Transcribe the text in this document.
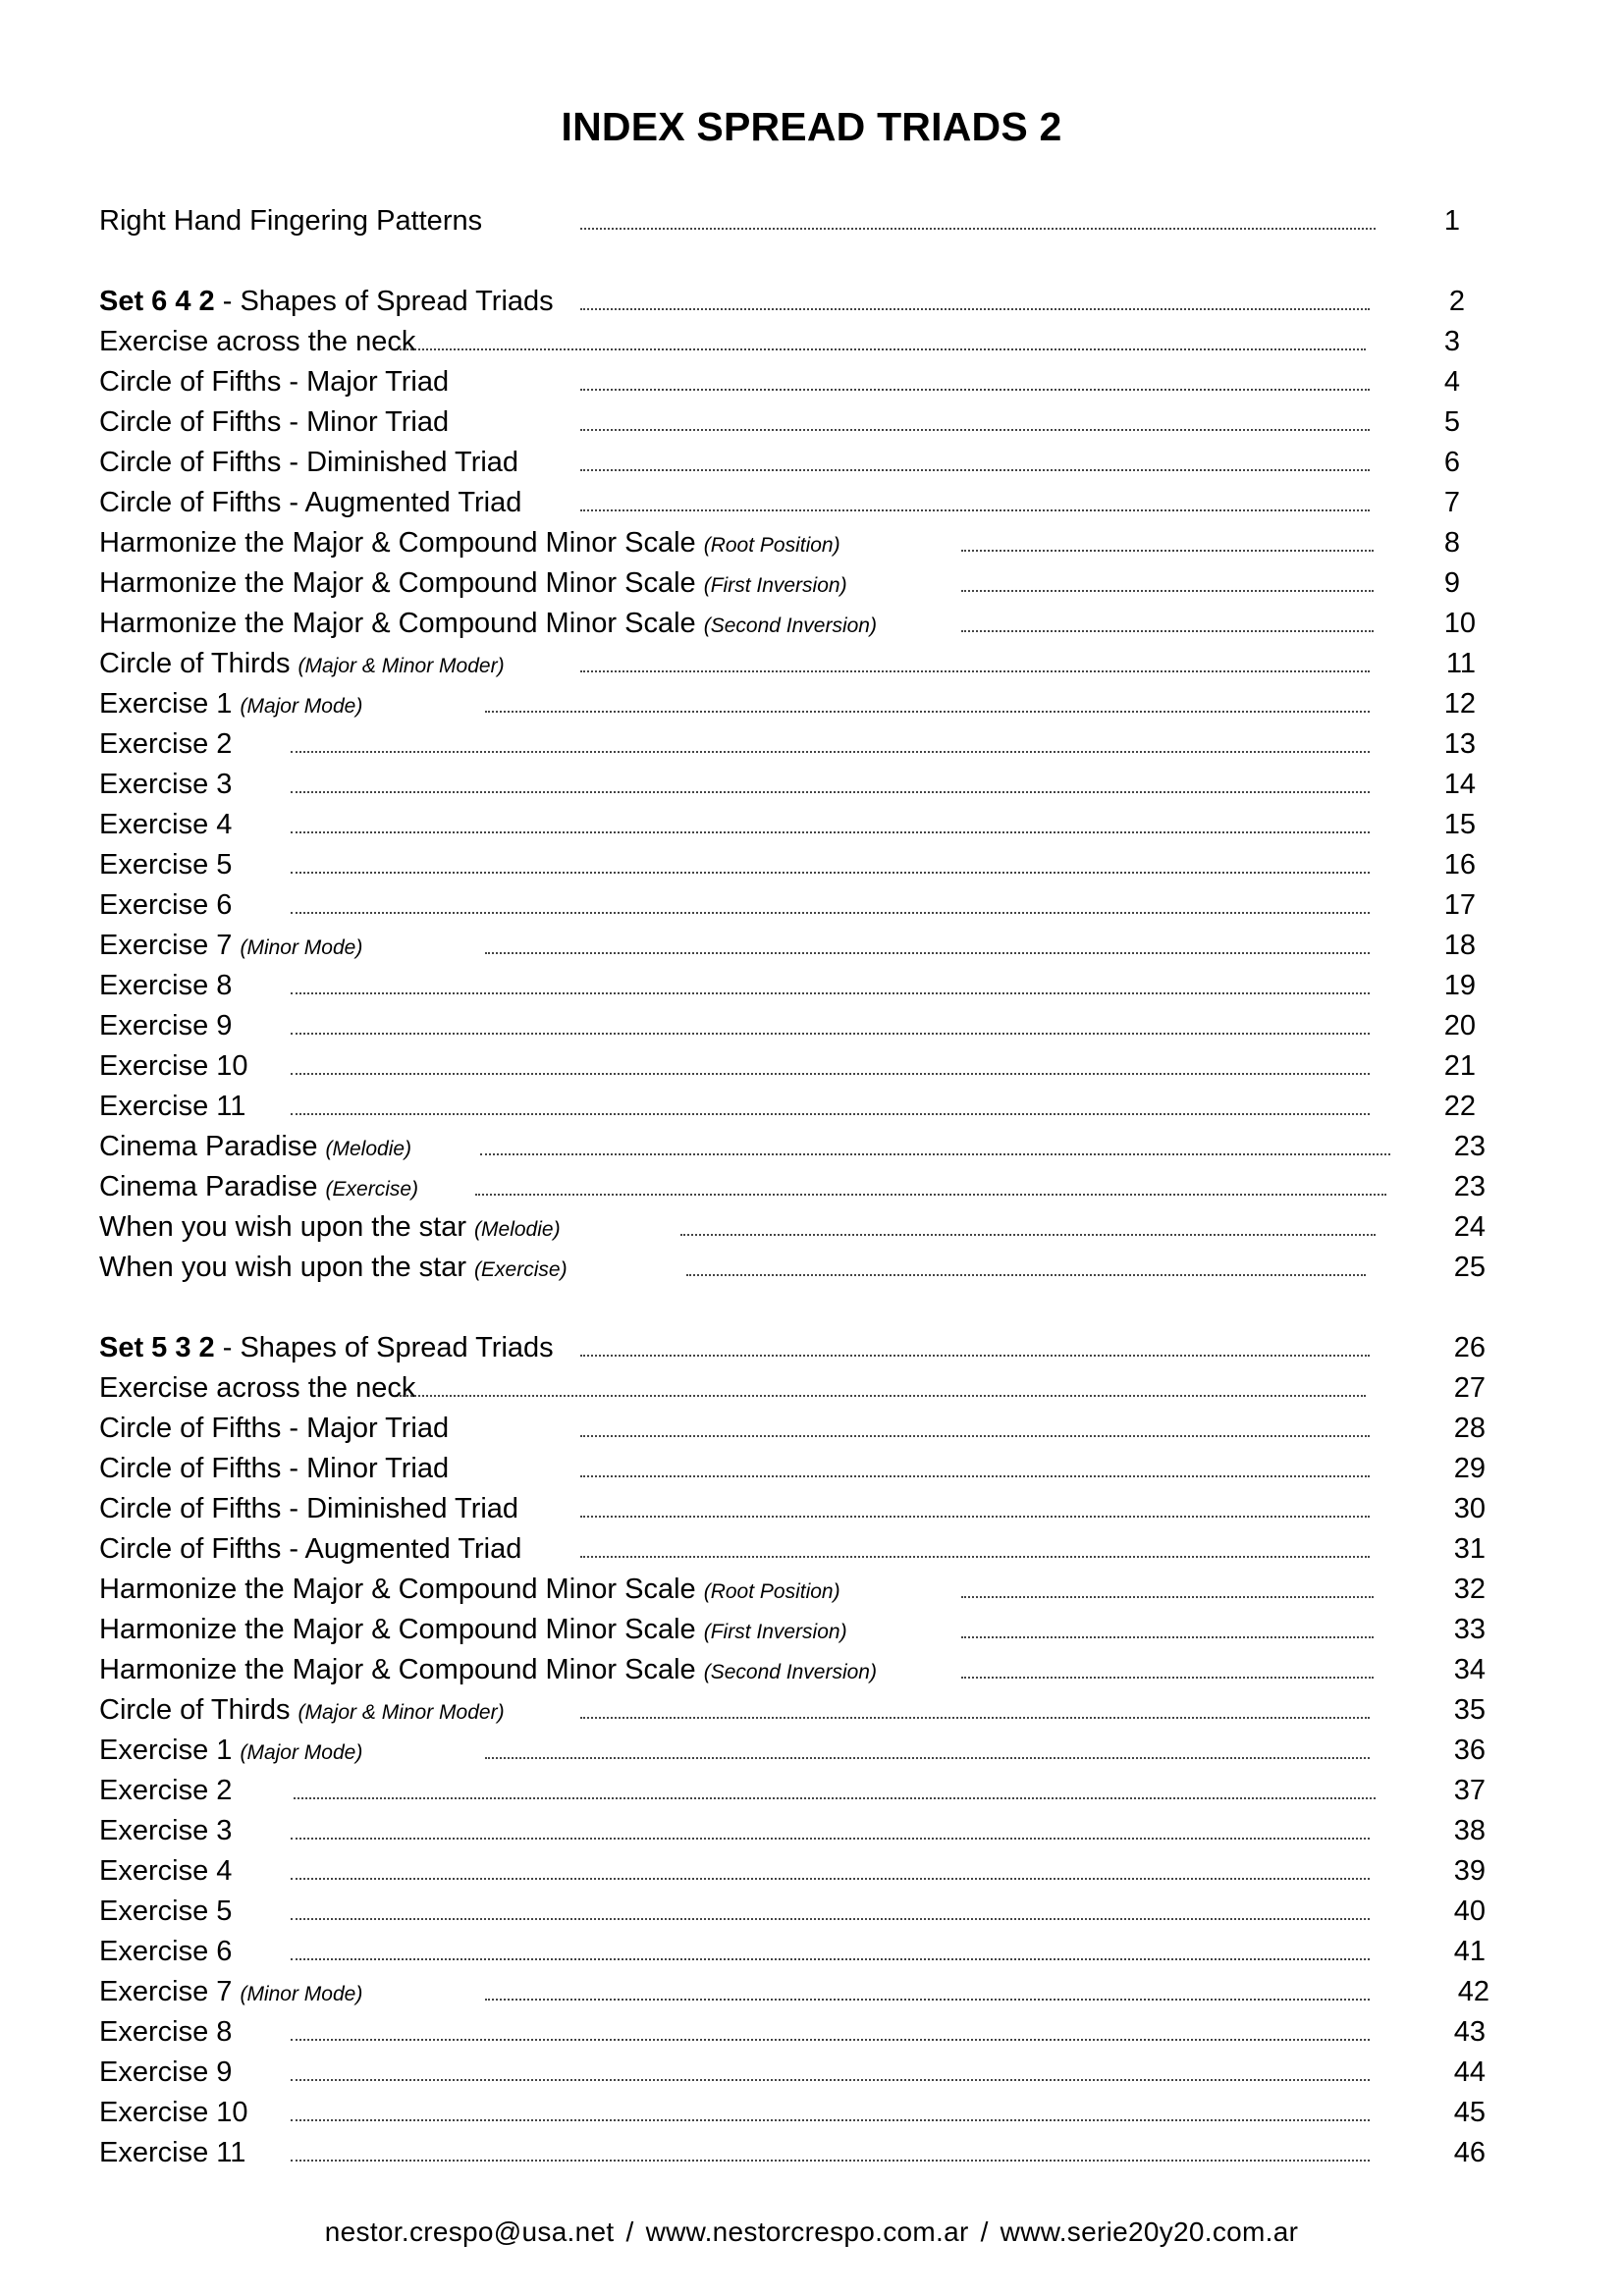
INDEX SPREAD TRIADS 2
Right Hand Fingering Patterns	1
Set 6 4 2 - Shapes of Spread Triads	2
Exercise across the neck	3
Circle of Fifths - Major Triad	4
Circle of Fifths - Minor Triad	5
Circle of Fifths - Diminished Triad	6
Circle of Fifths - Augmented Triad	7
Harmonize the Major & Compound Minor Scale (Root Position)	8
Harmonize the Major & Compound Minor Scale (First Inversion)	9
Harmonize the Major & Compound Minor Scale (Second Inversion)	10
Circle of Thirds (Major & Minor Moder)	11
Exercise 1 (Major Mode)	12
Exercise 2	13
Exercise 3	14
Exercise 4	15
Exercise 5	16
Exercise 6	17
Exercise 7 (Minor Mode)	18
Exercise 8	19
Exercise 9	20
Exercise 10	21
Exercise 11	22
Cinema Paradise (Melodie)	23
Cinema Paradise (Exercise)	23
When you wish upon the star (Melodie)	24
When you wish upon the star (Exercise)	25
Set 5 3 2 - Shapes of Spread Triads	26
Exercise across the neck	27
Circle of Fifths - Major Triad	28
Circle of Fifths - Minor Triad	29
Circle of Fifths - Diminished Triad	30
Circle of Fifths - Augmented Triad	31
Harmonize the Major & Compound Minor Scale (Root Position)	32
Harmonize the Major & Compound Minor Scale (First Inversion)	33
Harmonize the Major & Compound Minor Scale (Second Inversion)	34
Circle of Thirds (Major & Minor Moder)	35
Exercise 1 (Major Mode)	36
Exercise 2	37
Exercise 3	38
Exercise 4	39
Exercise 5	40
Exercise 6	41
Exercise 7 (Minor Mode)	42
Exercise 8	43
Exercise 9	44
Exercise 10	45
Exercise 11	46
nestor.crespo@usa.net / www.nestorcrespo.com.ar / www.serie20y20.com.ar
